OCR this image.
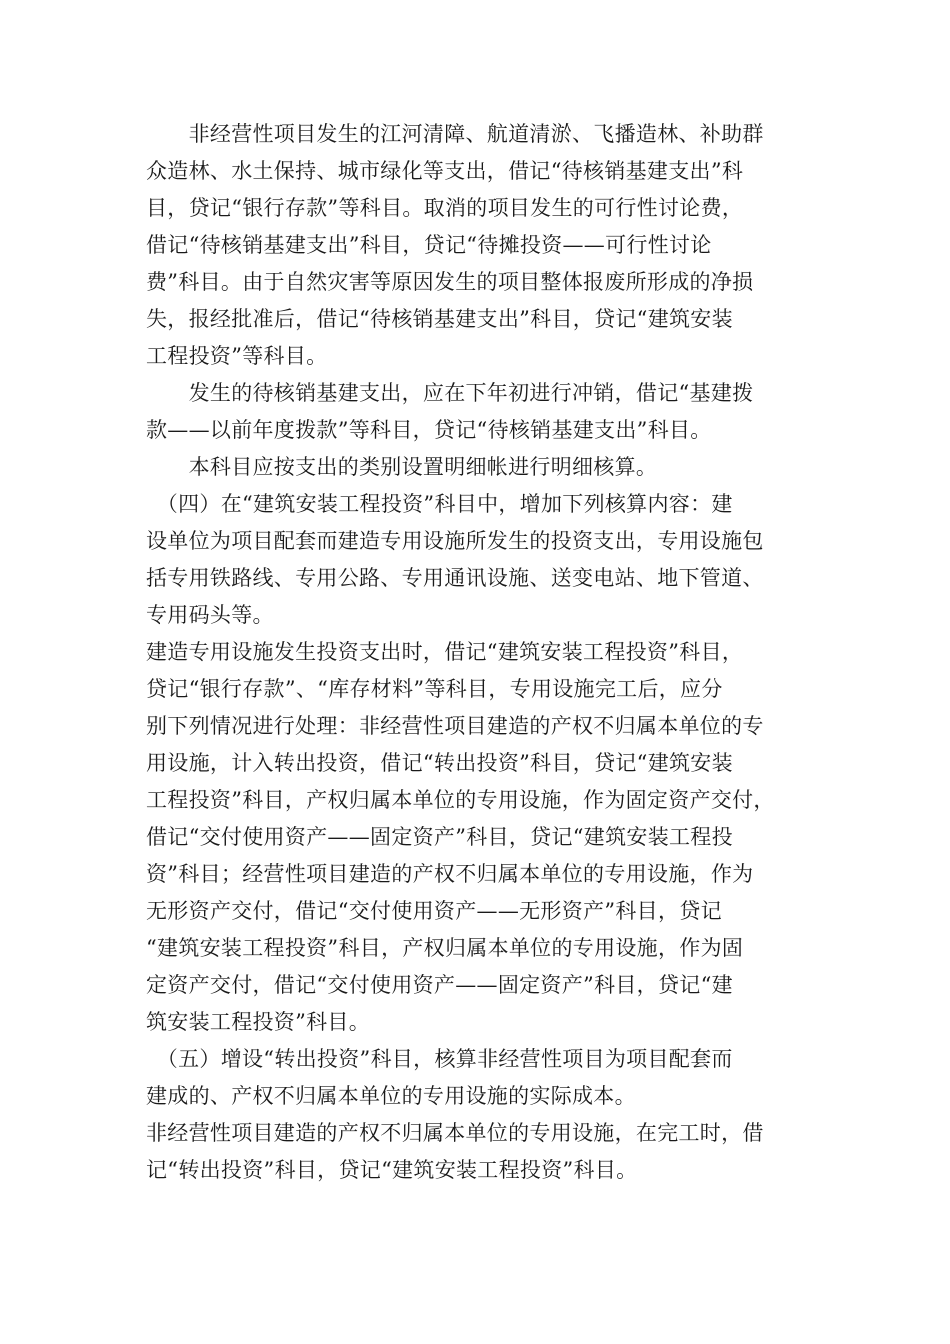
　　非经营性项目发生的江河清障、航道清淤、飞播造林、补助群
众造林、水土保持、城市绿化等支出，借记“待核销基建支出”科
目，贷记“银行存款”等科目。取消的项目发生的可行性讨论费，
借记“待核销基建支出”科目，贷记“待摊投资——可行性讨论
费”科目。由于自然灾害等原因发生的项目整体报废所形成的净损
失，报经批准后，借记“待核销基建支出”科目，贷记“建筑安装
工程投资”等科目。
　　发生的待核销基建支出，应在下年初进行冲销，借记“基建拨
款——以前年度拨款”等科目，贷记“待核销基建支出”科目。
　　本科目应按支出的类别设置明细帐进行明细核算。
　（四）在“建筑安装工程投资”科目中，增加下列核算内容：建
设单位为项目配套而建造专用设施所发生的投资支出，专用设施包
括专用铁路线、专用公路、专用通讯设施、送变电站、地下管道、
专用码头等。
建造专用设施发生投资支出时，借记“建筑安装工程投资”科目，
贷记“银行存款”、“库存材料”等科目，专用设施完工后，应分
别下列情况进行处理：非经营性项目建造的产权不归属本单位的专
用设施，计入转出投资，借记“转出投资”科目，贷记“建筑安装
工程投资”科目，产权归属本单位的专用设施，作为固定资产交付，
借记“交付使用资产——固定资产”科目，贷记“建筑安装工程投
资”科目；经营性项目建造的产权不归属本单位的专用设施，作为
无形资产交付，借记“交付使用资产——无形资产”科目，贷记
“建筑安装工程投资”科目，产权归属本单位的专用设施，作为固
定资产交付，借记“交付使用资产——固定资产”科目，贷记“建
筑安装工程投资”科目。
　（五）增设“转出投资”科目，核算非经营性项目为项目配套而
建成的、产权不归属本单位的专用设施的实际成本。
非经营性项目建造的产权不归属本单位的专用设施，在完工时，借
记“转出投资”科目，贷记“建筑安装工程投资”科目。
